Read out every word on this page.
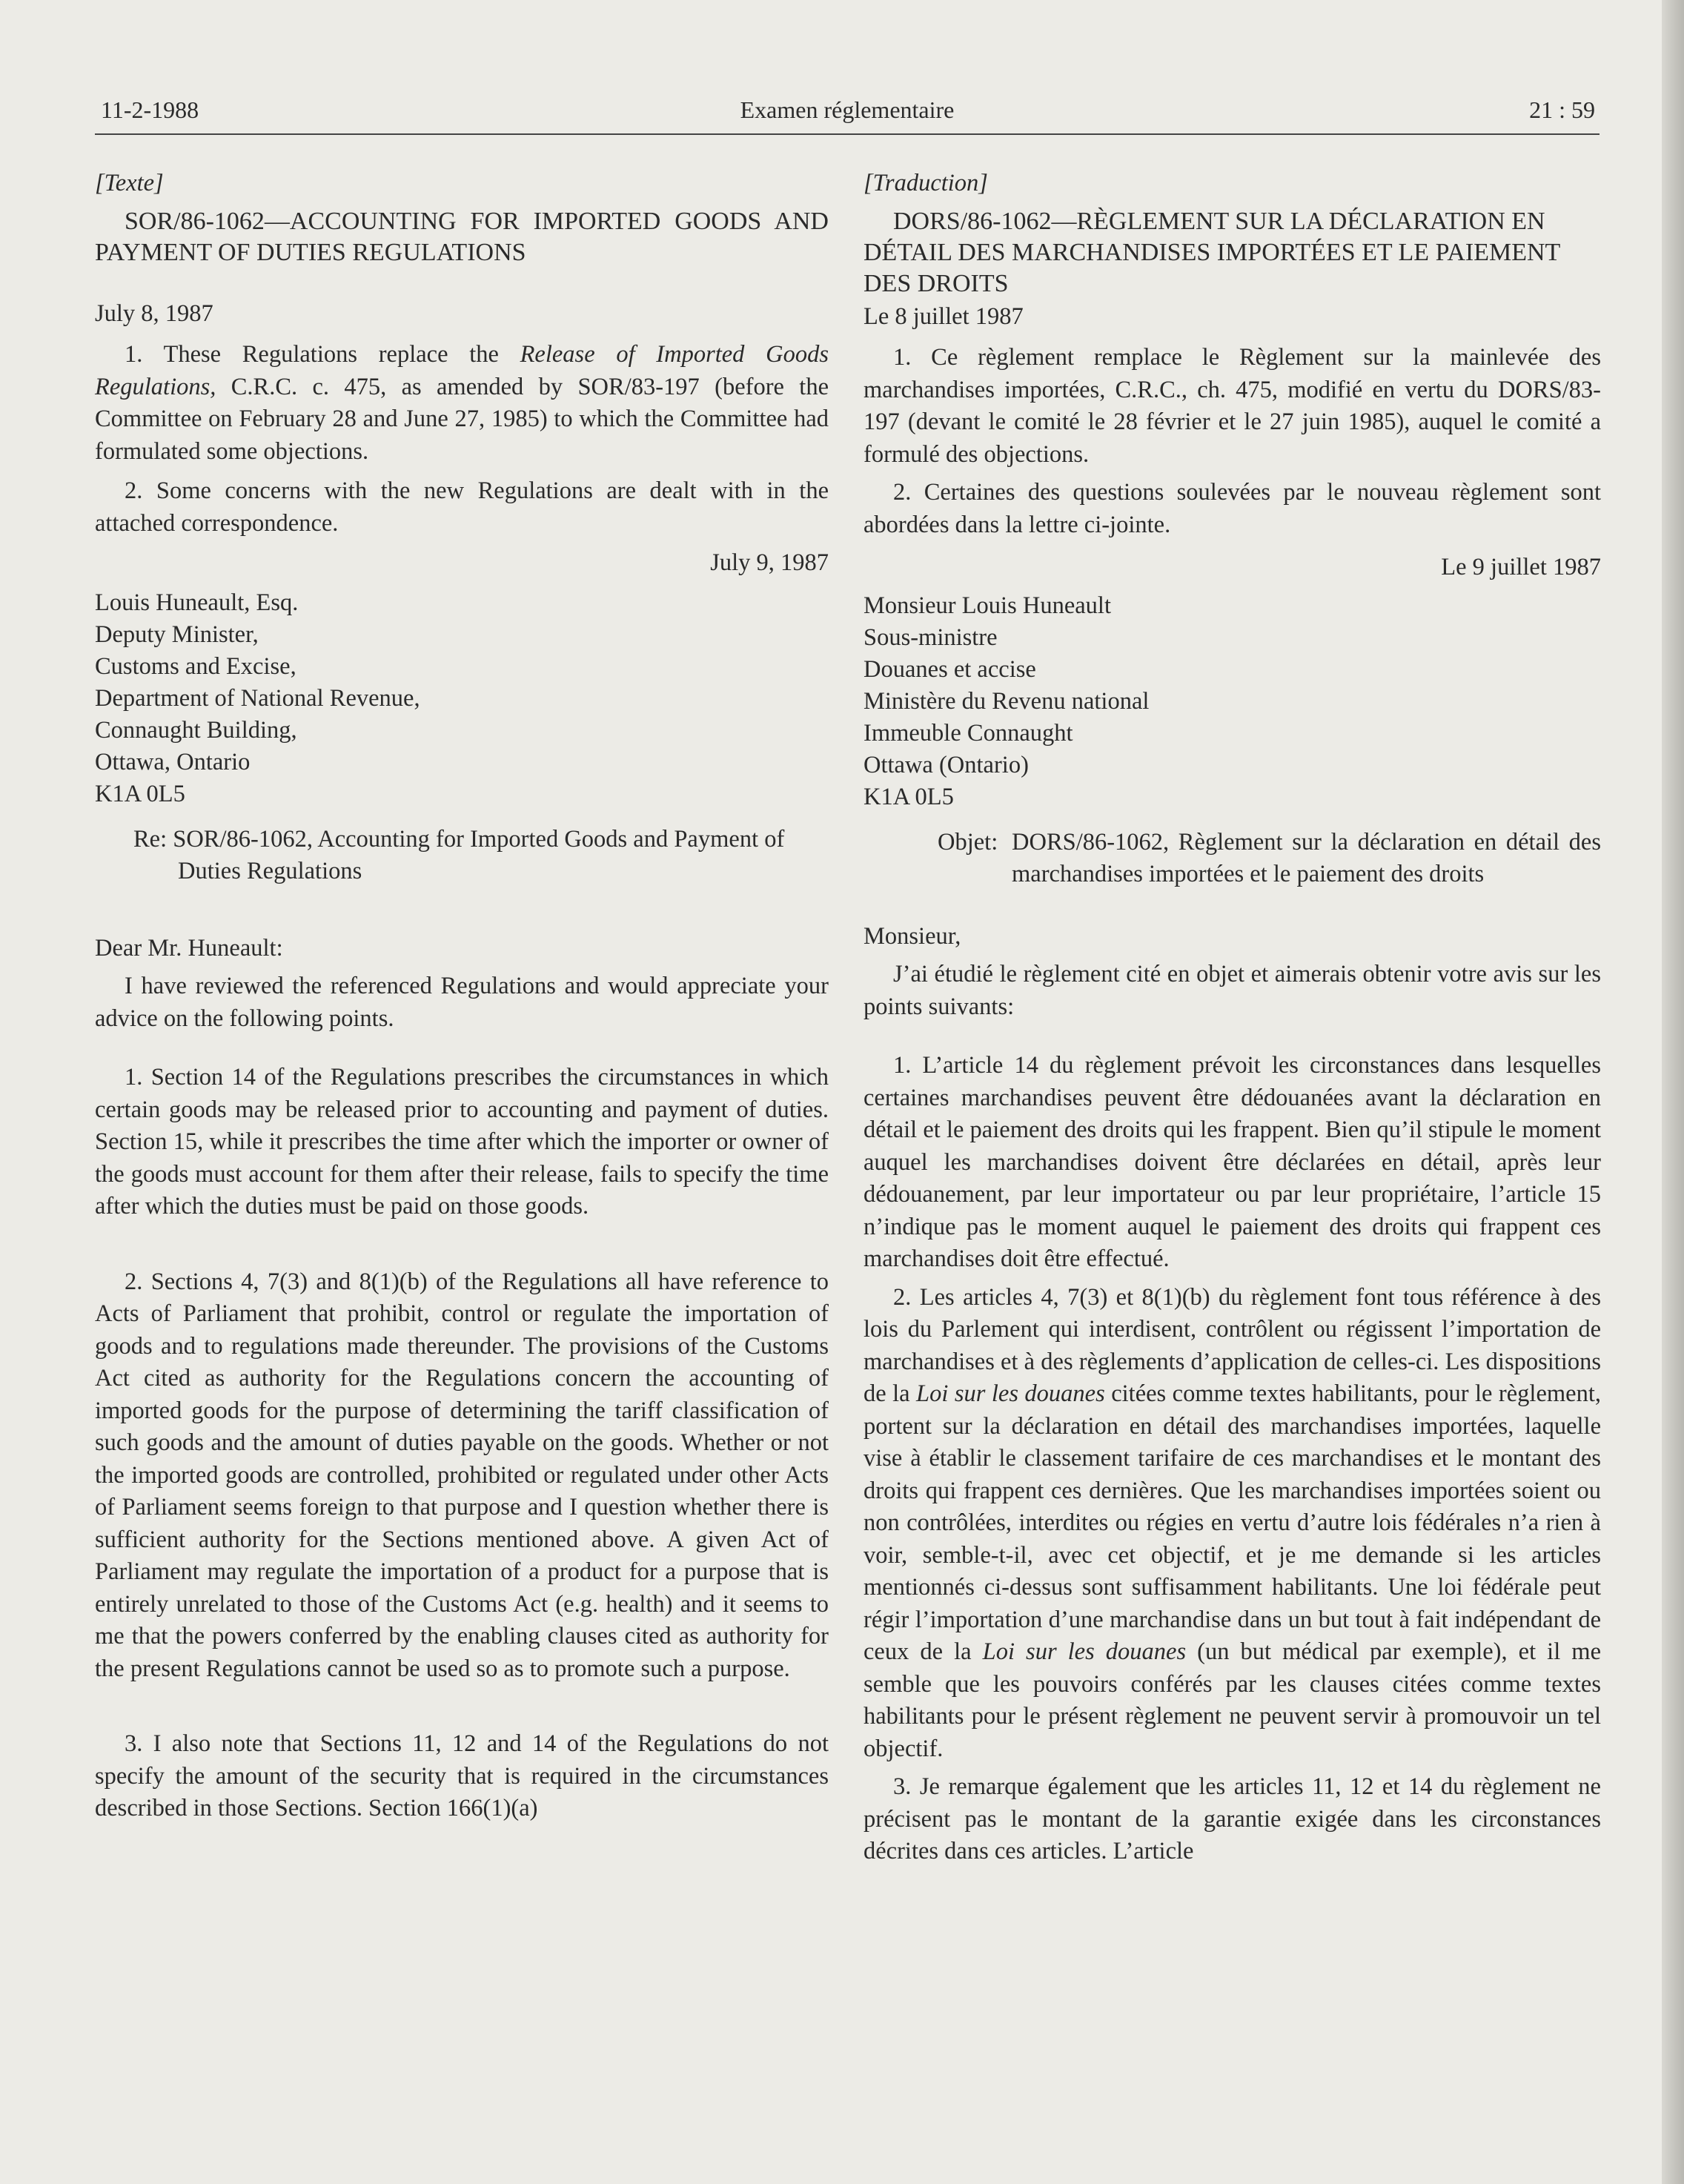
11-2-1988	Examen réglementaire	21 : 59

[Texte]

SOR/86-1062—ACCOUNTING FOR IMPORTED GOODS AND PAYMENT OF DUTIES REGULATIONS

July 8, 1987

1. These Regulations replace the Release of Imported Goods Regulations, C.R.C. c. 475, as amended by SOR/83-197 (before the Committee on February 28 and June 27, 1985) to which the Committee had formulated some objections.

2. Some concerns with the new Regulations are dealt with in the attached correspondence.

July 9, 1987

Louis Huneault, Esq.

Deputy Minister,

Customs and Excise,

Department of National Revenue,

Connaught Building,

Ottawa, Ontario

K1A 0L5

Re: SOR/86-1062, Accounting for Imported Goods and Payment of Duties Regulations

Dear Mr. Huneault:

I have reviewed the referenced Regulations and would appreciate your advice on the following points.

1. Section 14 of the Regulations prescribes the circumstances in which certain goods may be released prior to accounting and payment of duties. Section 15, while it prescribes the time after which the importer or owner of the goods must account for them after their release, fails to specify the time after which the duties must be paid on those goods.

2. Sections 4, 7(3) and 8(1)(b) of the Regulations all have reference to Acts of Parliament that prohibit, control or regulate the importation of goods and to regulations made thereunder. The provisions of the Customs Act cited as authority for the Regulations concern the accounting of imported goods for the purpose of determining the tariff classification of such goods and the amount of duties payable on the goods. Whether or not the imported goods are controlled, prohibited or regulated under other Acts of Parliament seems foreign to that purpose and I question whether there is sufficient authority for the Sections mentioned above. A given Act of Parliament may regulate the importation of a product for a purpose that is entirely unrelated to those of the Customs Act (e.g. health) and it seems to me that the powers conferred by the enabling clauses cited as authority for the present Regulations cannot be used so as to promote such a purpose.

3. I also note that Sections 11, 12 and 14 of the Regulations do not specify the amount of the security that is required in the circumstances described in those Sections. Section 166(1)(a)

[Traduction]

DORS/86-1062—RÈGLEMENT SUR LA DÉCLARATION EN DÉTAIL DES MARCHANDISES IMPORTÉES ET LE PAIEMENT DES DROITS

Le 8 juillet 1987

1. Ce règlement remplace le Règlement sur la mainlevée des marchandises importées, C.R.C., ch. 475, modifié en vertu du DORS/83-197 (devant le comité le 28 février et le 27 juin 1985), auquel le comité a formulé des objections.

2. Certaines des questions soulevées par le nouveau règlement sont abordées dans la lettre ci-jointe.

Le 9 juillet 1987

Monsieur Louis Huneault

Sous-ministre

Douanes et accise

Ministère du Revenu national

Immeuble Connaught

Ottawa (Ontario)

K1A 0L5

Objet: DORS/86-1062, Règlement sur la déclaration en détail des marchandises importées et le paiement des droits

Monsieur,

J’ai étudié le règlement cité en objet et aimerais obtenir votre avis sur les points suivants:

1. L’article 14 du règlement prévoit les circonstances dans lesquelles certaines marchandises peuvent être dédouanées avant la déclaration en détail et le paiement des droits qui les frappent. Bien qu’il stipule le moment auquel les marchandises doivent être déclarées en détail, après leur dédouanement, par leur importateur ou par leur propriétaire, l’article 15 n’indique pas le moment auquel le paiement des droits qui frappent ces marchandises doit être effectué.

2. Les articles 4, 7(3) et 8(1)(b) du règlement font tous référence à des lois du Parlement qui interdisent, contrôlent ou régissent l’importation de marchandises et à des règlements d’application de celles-ci. Les dispositions de la Loi sur les douanes citées comme textes habilitants, pour le règlement, portent sur la déclaration en détail des marchandises importées, laquelle vise à établir le classement tarifaire de ces marchandises et le montant des droits qui frappent ces dernières. Que les marchandises importées soient ou non contrôlées, interdites ou régies en vertu d’autre lois fédérales n’a rien à voir, semble-t-il, avec cet objectif, et je me demande si les articles mentionnés ci-dessus sont suffisamment habilitants. Une loi fédérale peut régir l’importation d’une marchandise dans un but tout à fait indépendant de ceux de la Loi sur les douanes (un but médical par exemple), et il me semble que les pouvoirs conférés par les clauses citées comme textes habilitants pour le présent règlement ne peuvent servir à promouvoir un tel objectif.

3. Je remarque également que les articles 11, 12 et 14 du règlement ne précisent pas le montant de la garantie exigée dans les circonstances décrites dans ces articles. L’article
